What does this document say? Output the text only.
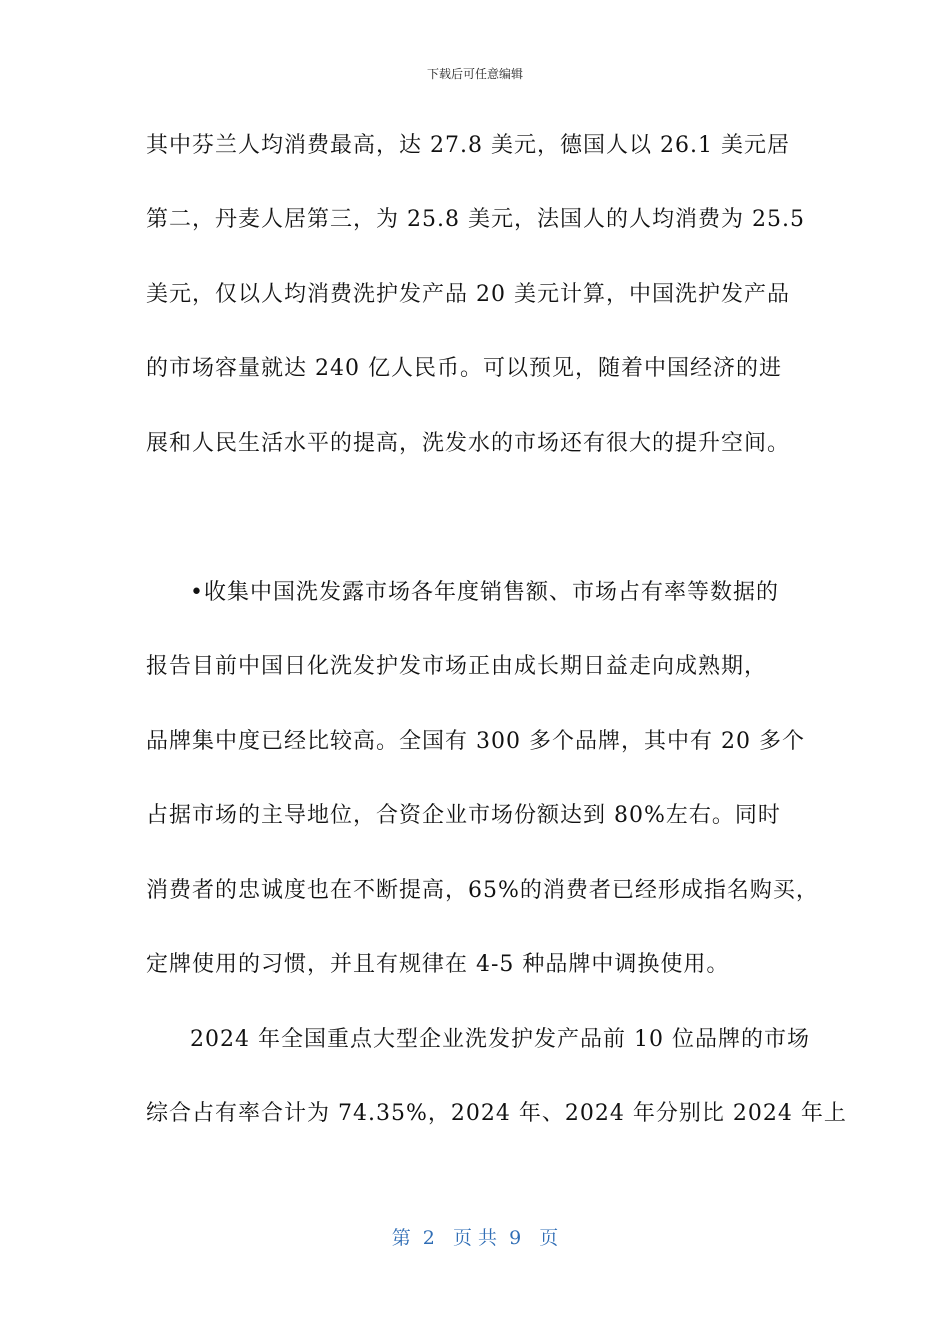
下载后可任意编辑
其中芬兰人均消费最高，达 27.8 美元，德国人以 26.1 美元居
第二，丹麦人居第三，为 25.8 美元，法国人的人均消费为 25.5
美元，仅以人均消费洗护发产品 20 美元计算，中国洗护发产品
的市场容量就达 240 亿人民币。可以预见，随着中国经济的进
展和人民生活水平的提高，洗发水的市场还有很大的提升空间。
•收集中国洗发露市场各年度销售额、市场占有率等数据的
报告目前中国日化洗发护发市场正由成长期日益走向成熟期，
品牌集中度已经比较高。全国有 300 多个品牌，其中有 20 多个
占据市场的主导地位，合资企业市场份额达到 80%左右。同时
消费者的忠诚度也在不断提高，65%的消费者已经形成指名购买，
定牌使用的习惯，并且有规律在 4-5 种品牌中调换使用。
2024 年全国重点大型企业洗发护发产品前 10 位品牌的市场
综合占有率合计为 74.35%，2024 年、2024 年分别比 2024 年上
第  2   页 共  9   页
